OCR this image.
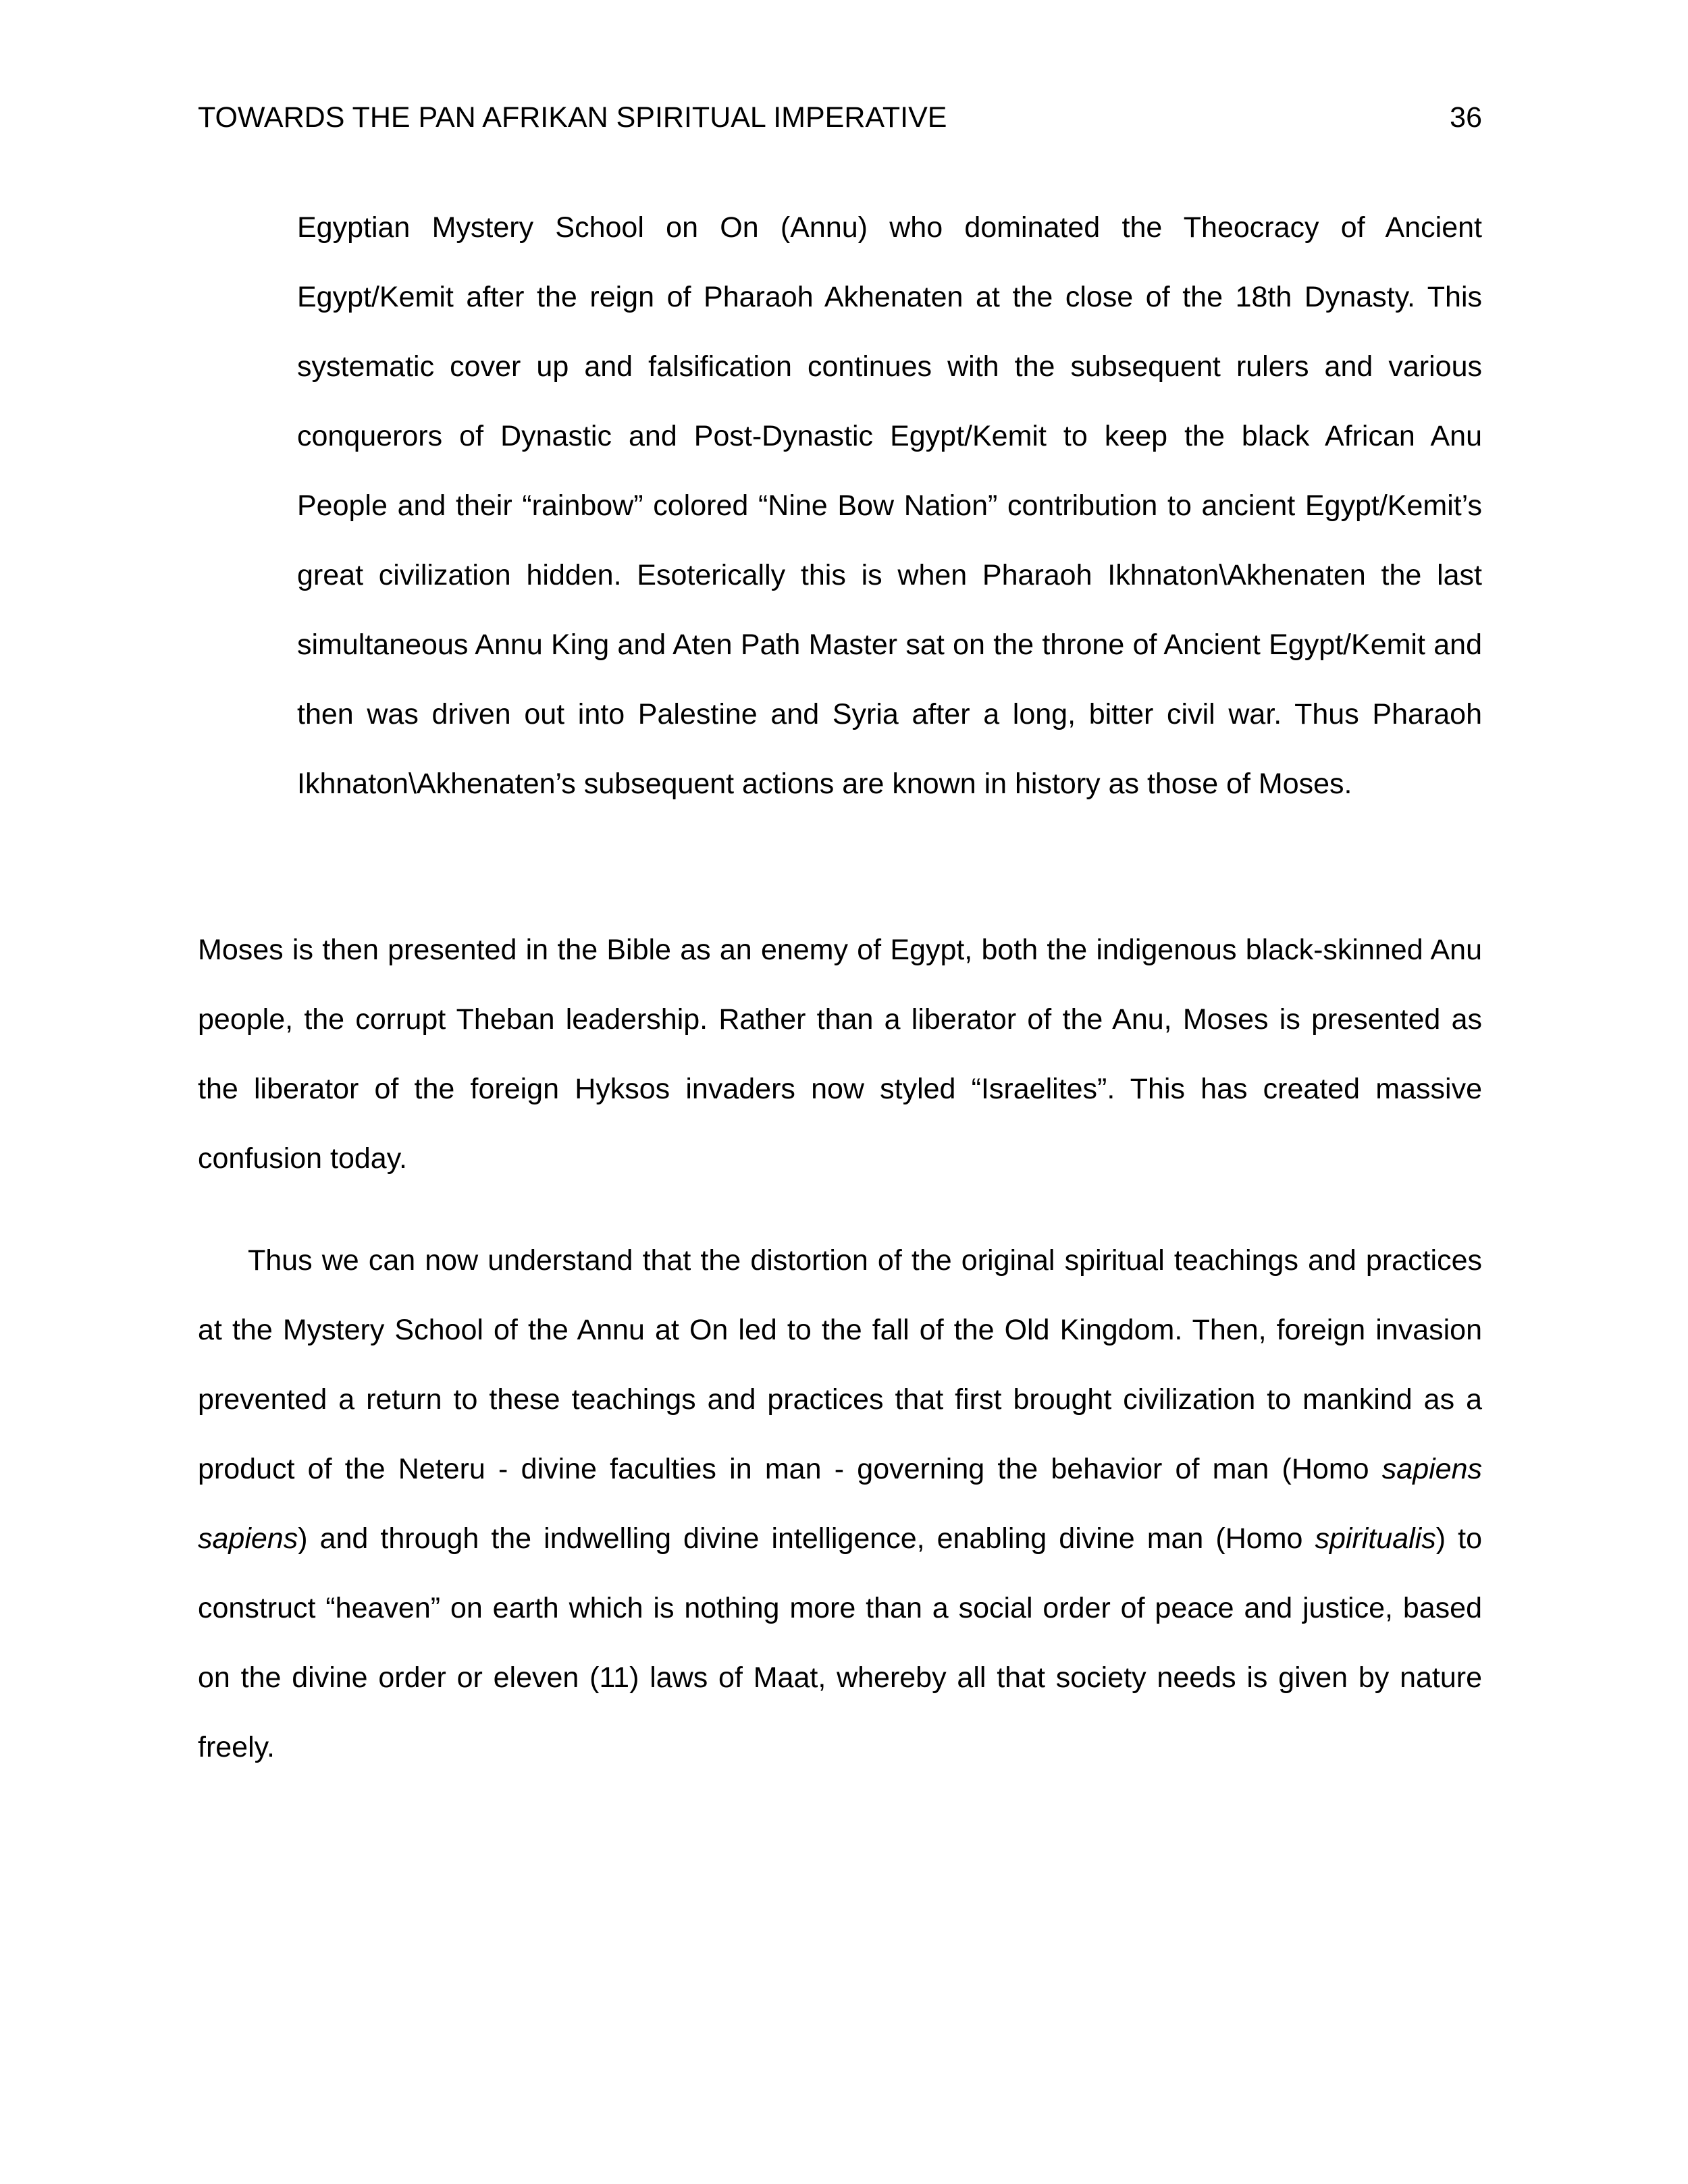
TOWARDS THE PAN AFRIKAN SPIRITUAL IMPERATIVE	36

Egyptian Mystery School on On (Annu) who dominated the Theocracy of Ancient Egypt/Kemit after the reign of Pharaoh Akhenaten at the close of the 18th Dynasty. This systematic cover up and falsification continues with the subsequent rulers and various conquerors of Dynastic and Post-Dynastic Egypt/Kemit to keep the black African Anu People and their “rainbow” colored “Nine Bow Nation” contribution to ancient Egypt/Kemit’s great civilization hidden. Esoterically this is when Pharaoh Ikhnaton\Akhenaten the last simultaneous Annu King and Aten Path Master sat on the throne of Ancient Egypt/Kemit and then was driven out into Palestine and Syria after a long, bitter civil war. Thus Pharaoh Ikhnaton\Akhenaten’s subsequent actions are known in history as those of Moses.

Moses is then presented in the Bible as an enemy of Egypt, both the indigenous black-skinned Anu people, the corrupt Theban leadership. Rather than a liberator of the Anu, Moses is presented as the liberator of the foreign Hyksos invaders now styled “Israelites”. This has created massive confusion today.

Thus we can now understand that the distortion of the original spiritual teachings and practices at the Mystery School of the Annu at On led to the fall of the Old Kingdom. Then, foreign invasion prevented a return to these teachings and practices that first brought civilization to mankind as a product of the Neteru - divine faculties in man - governing the behavior of man (Homo sapiens sapiens) and through the indwelling divine intelligence, enabling divine man (Homo spiritualis) to construct “heaven” on earth which is nothing more than a social order of peace and justice, based on the divine order or eleven (11) laws of Maat, whereby all that society needs is given by nature freely.
